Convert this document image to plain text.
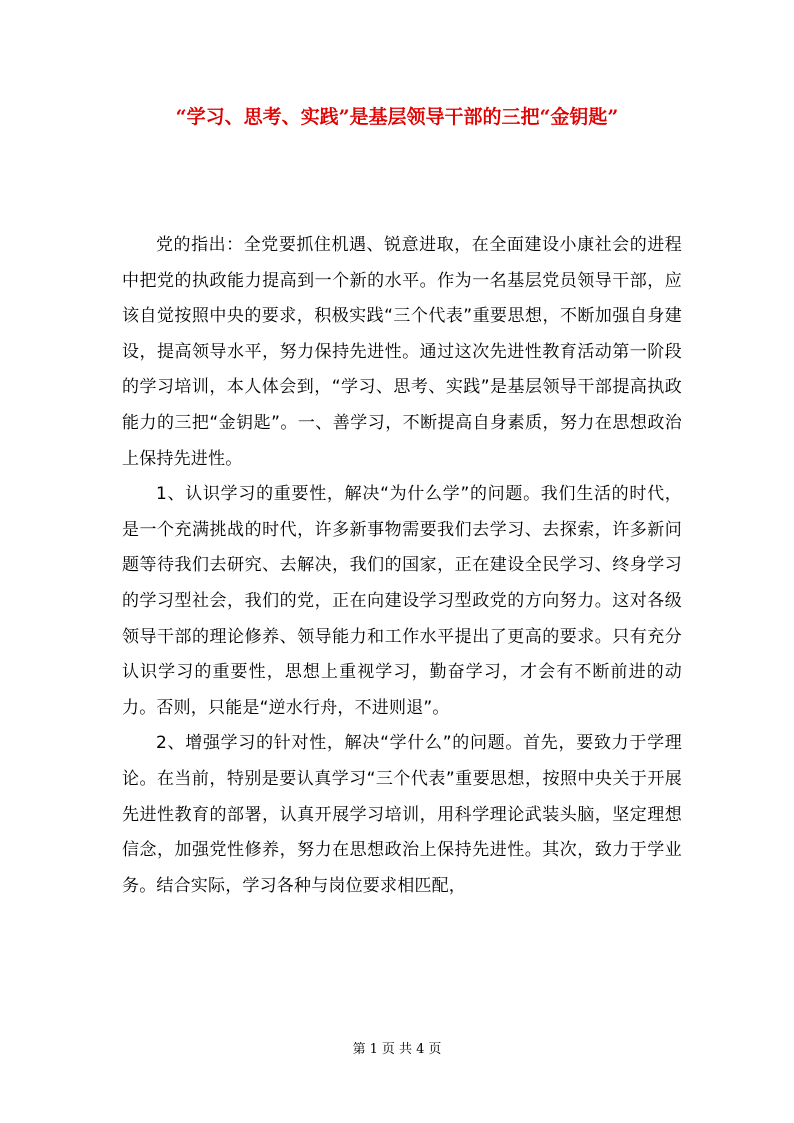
“学习、思考、实践”是基层领导干部的三把“金钥匙”

党的指出：全党要抓住机遇、锐意进取，在全面建设小康社会的进程中把党的执政能力提高到一个新的水平。作为一名基层党员领导干部，应该自觉按照中央的要求，积极实践“三个代表”重要思想，不断加强自身建设，提高领导水平，努力保持先进性。通过这次先进性教育活动第一阶段的学习培训，本人体会到，“学习、思考、实践”是基层领导干部提高执政能力的三把“金钥匙”。一、善学习，不断提高自身素质，努力在思想政治上保持先进性。

1、认识学习的重要性，解决“为什么学”的问题。我们生活的时代，是一个充满挑战的时代，许多新事物需要我们去学习、去探索，许多新问题等待我们去研究、去解决，我们的国家，正在建设全民学习、终身学习的学习型社会，我们的党，正在向建设学习型政党的方向努力。这对各级领导干部的理论修养、领导能力和工作水平提出了更高的要求。只有充分认识学习的重要性，思想上重视学习，勤奋学习，才会有不断前进的动力。否则，只能是“逆水行舟，不进则退”。

2、增强学习的针对性，解决“学什么”的问题。首先，要致力于学理论。在当前，特别是要认真学习“三个代表”重要思想，按照中央关于开展先进性教育的部署，认真开展学习培训，用科学理论武装头脑，坚定理想信念，加强党性修养，努力在思想政治上保持先进性。其次，致力于学业务。结合实际，学习各种与岗位要求相匹配，

第 1 页 共 4 页
